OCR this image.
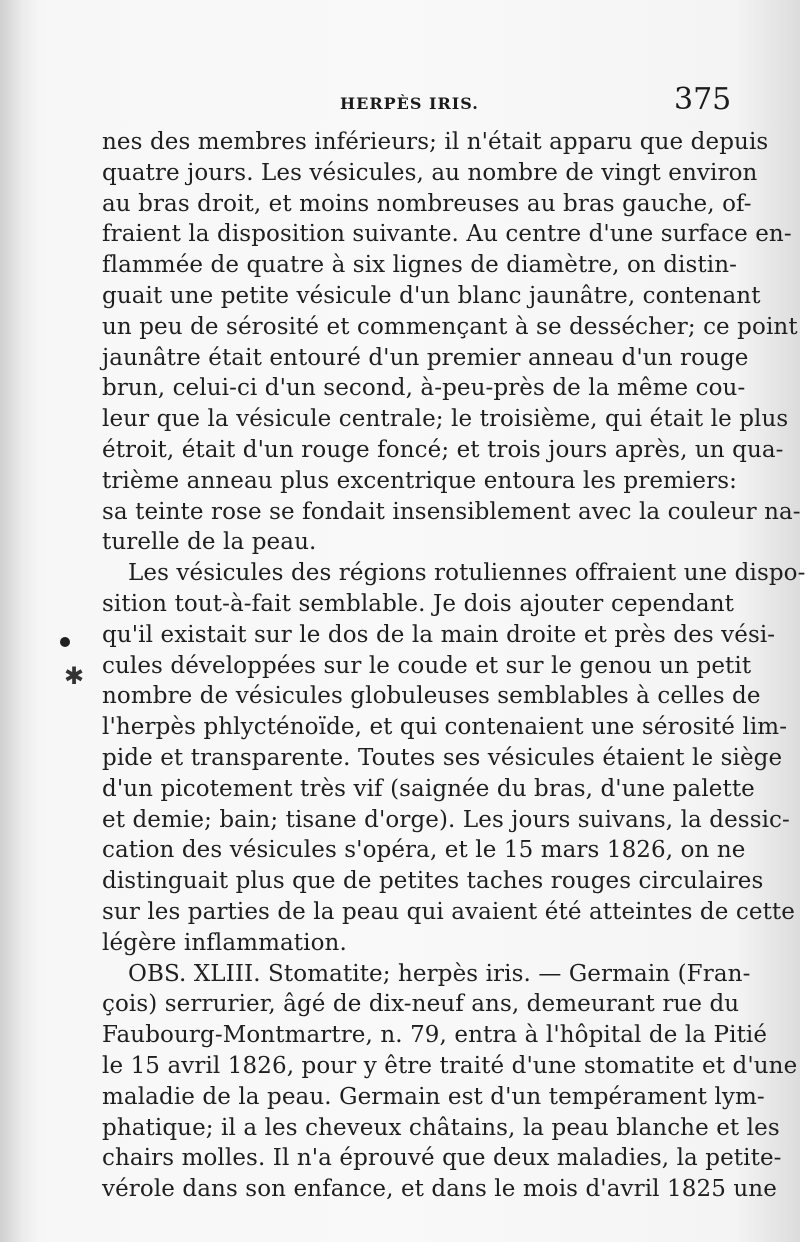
HERPÈS IRIS.	375
✱
nes des membres inférieurs; il n'était apparu que depuis
quatre jours. Les vésicules, au nombre de vingt environ
au bras droit, et moins nombreuses au bras gauche, of-
fraient la disposition suivante. Au centre d'une surface en-
flammée de quatre à six lignes de diamètre, on distin-
guait une petite vésicule d'un blanc jaunâtre, contenant
un peu de sérosité et commençant à se dessécher; ce point
jaunâtre était entouré d'un premier anneau d'un rouge
brun, celui-ci d'un second, à-peu-près de la même cou-
leur que la vésicule centrale; le troisième, qui était le plus
étroit, était d'un rouge foncé; et trois jours après, un qua-
trième anneau plus excentrique entoura les premiers:
sa teinte rose se fondait insensiblement avec la couleur na-
turelle de la peau.
Les vésicules des régions rotuliennes offraient une dispo-
sition tout-à-fait semblable. Je dois ajouter cependant
qu'il existait sur le dos de la main droite et près des vési-
cules développées sur le coude et sur le genou un petit
nombre de vésicules globuleuses semblables à celles de
l'herpès phlycténoïde, et qui contenaient une sérosité lim-
pide et transparente. Toutes ses vésicules étaient le siège
d'un picotement très vif (saignée du bras, d'une palette
et demie; bain; tisane d'orge). Les jours suivans, la dessic-
cation des vésicules s'opéra, et le 15 mars 1826, on ne
distinguait plus que de petites taches rouges circulaires
sur les parties de la peau qui avaient été atteintes de cette
légère inflammation.
OBS. XLIII. Stomatite; herpès iris. — Germain (Fran-
çois) serrurier, âgé de dix-neuf ans, demeurant rue du
Faubourg-Montmartre, n. 79, entra à l'hôpital de la Pitié
le 15 avril 1826, pour y être traité d'une stomatite et d'une
maladie de la peau. Germain est d'un tempérament lym-
phatique; il a les cheveux châtains, la peau blanche et les
chairs molles. Il n'a éprouvé que deux maladies, la petite-
vérole dans son enfance, et dans le mois d'avril 1825 une
